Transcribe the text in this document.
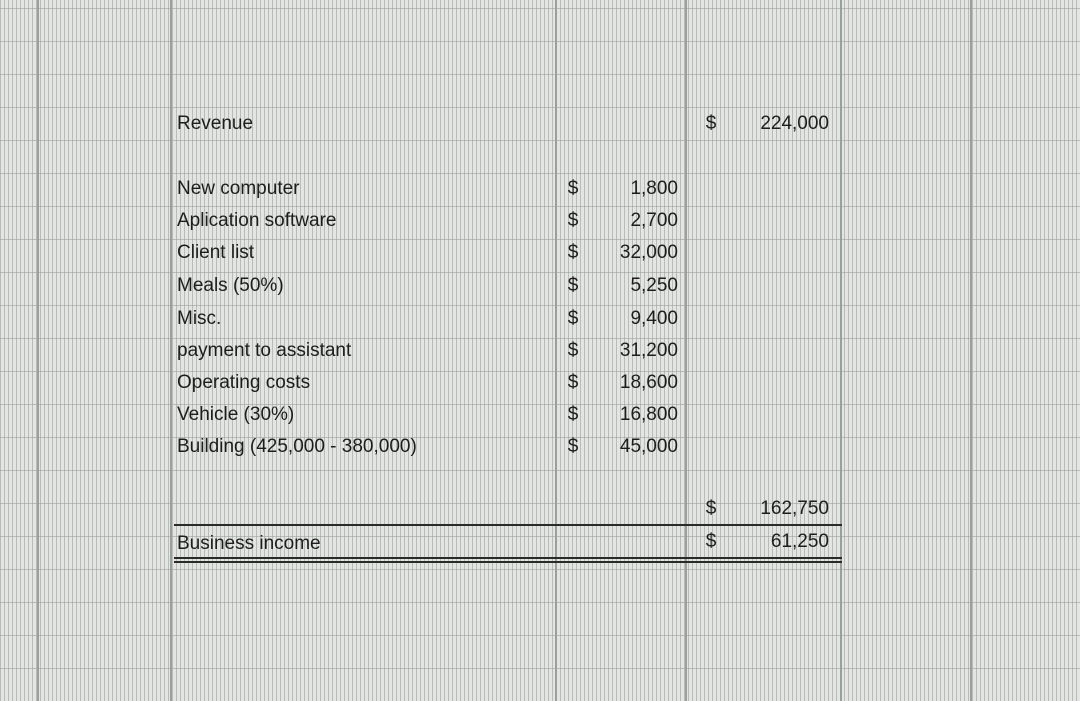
Revenue	$	224,000
New computer	$	1,800
Aplication software	$	2,700
Client list	$	32,000
Meals (50%)	$	5,250
Misc.	$	9,400
payment to assistant	$	31,200
Operating costs	$	18,600
Vehicle (30%)	$	16,800
Building (425,000 - 380,000)	$	45,000
$	162,750
Business income	$	61,250
